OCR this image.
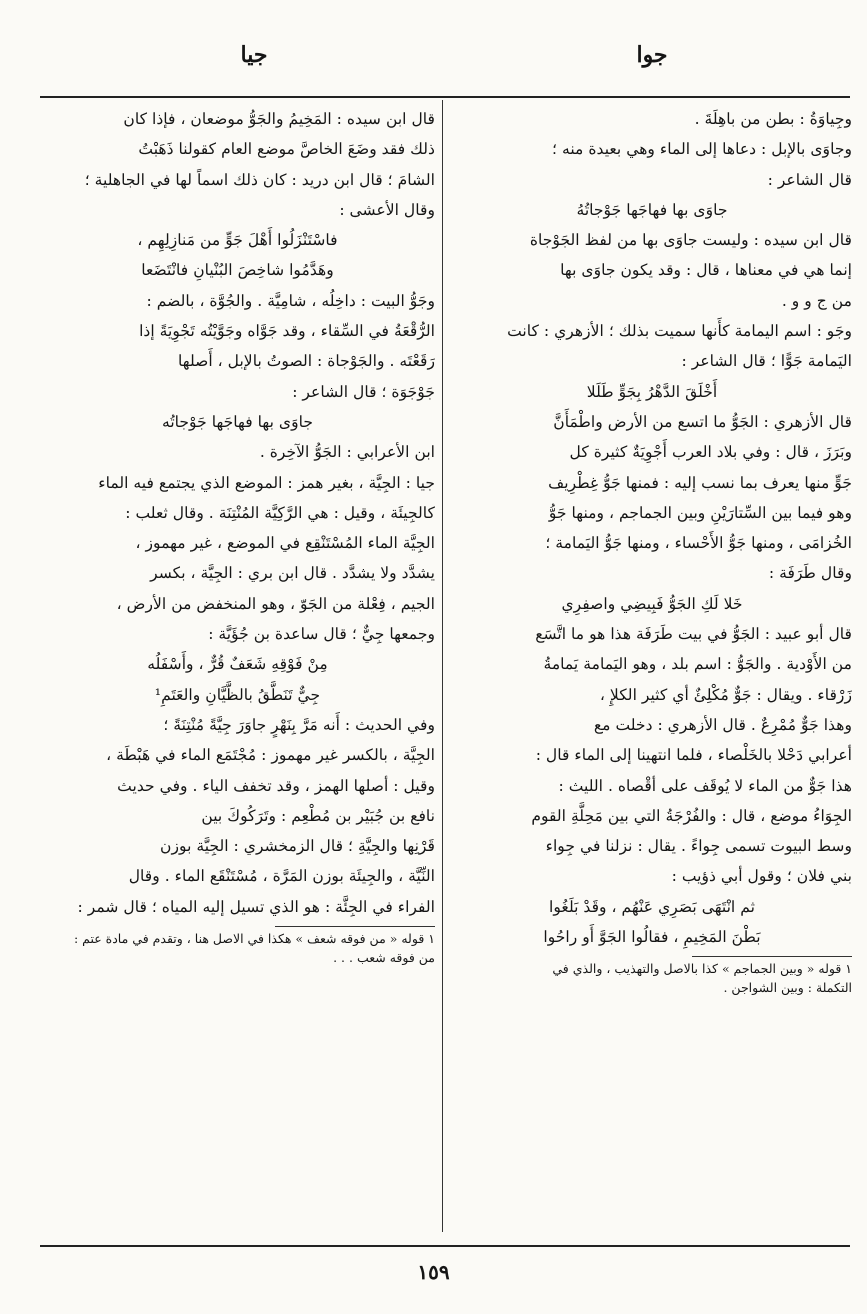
جوا
جيا

وجِياوَةُ : بطن من باهِلَةَ .

وجاوَى بالإبل : دعاها إلى الماء وهي بعيدة منه ؛

قال الشاعر :

جاوَى بها فهاجَها جَوْجاتُهُ

قال ابن سيده : وليست جاوَى بها من لفظ الجَوْجاة

إنما هي في معناها ، قال : وقد يكون جاوَى بها

من ج و و .

وجَو : اسم اليمامة كأَنها سميت بذلك ؛ الأزهري : كانت

اليَمامة جَوًّا ؛ قال الشاعر :

أَخْلَقَ الدَّهْرُ بِجَوٍّ طَلَلا

قال الأزهري : الجَوُّ ما اتسع من الأرض واطْمَأَنَّ

وبَرَزَ ، قال : وفي بلاد العرب أَجْوِيَةٌ كثيرة كل

جَوٍّ منها يعرف بما نسب إليه : فمنها جَوُّ غِطْرِيف

وهو فيما بين السِّتارَيْنِ وبين الجماجم ، ومنها جَوُّ

الخُزامَى ، ومنها جَوُّ الأَحْساء ، ومنها جَوُّ اليَمامة ؛

وقال طَرَفَة :

خَلا لَكِ الجَوُّ فَبِيضِي واصفِرِي

قال أبو عبيد : الجَوُّ في بيت طَرَفَة هذا هو ما اتَّسَع

من الأَوْدية . والجَوُّ : اسم بلد ، وهو اليَمامة يَمامةُ

زَرْقاء . ويقال : جَوٌّ مُكْلِئٌ أي كثير الكلإِ ،

وهذا جَوٌّ مُمْرِعٌ . قال الأزهري : دخلت مع

أعرابي دَحْلا بالخَلْصاء ، فلما انتهينا إلى الماء قال :

هذا جَوٌّ من الماء لا يُوقَف على أقْصاه . الليث :

الجِوَاءُ موضع ، قال : والفُرْجَةُ التي بين مَحِلَّةِ القوم

وسط البيوت تسمى جِواءً . يقال : نزلنا في جِواء

بني فلان ؛ وقول أبي ذؤيب :

ثم انْتَهَى بَصَرِي عَنْهُم ، وقَدْ بَلَغُوا

بَطْنَ المَخِيمِ ، فقالُوا الجَوَّ أَو راحُوا

١ قوله « وبين الجماجم » كذا بالاصل والتهذيب ، والذي في

التكملة : وبين الشواجن .

قال ابن سيده : المَخِيمُ والجَوُّ موضعان ، فإذا كان

ذلك فقد وضَعَ الخاصَّ موضع العام كقولنا ذَهَبْتُ

الشامَ ؛ قال ابن دريد : كان ذلك اسماً لها في الجاهلية ؛

وقال الأعشى :

فاسْتَنْزَلُوا أَهْلَ جَوٍّ من مَنازِلِهِم ،

وهَدَّمُوا شاخِصَ البُنْيانِ فانْتَضَعا

وجَوُّ البيت : داخِلُه ، شامِيَّة . والجُوَّة ، بالضم :

الرُّقْعَةُ في السِّقاء ، وقد جَوَّاه وجَوَّيْتُه تَجْوِيَةً إذا

رَقَعْتَه . والجَوْجاة : الصوتُ بالإبل ، أَصلها

جَوْجَوَة ؛ قال الشاعر :

جاوَى بها فهاجَها جَوْجاتُه

ابن الأعرابي : الجَوُّ الآخِرة .

جيا : الجِيَّة ، بغير همز : الموضع الذي يجتمع فيه الماء

كالجِيئَة ، وقيل : هي الرَّكِيَّة المُنْتِنَة . وقال ثعلب :

الجِيَّة الماء المُسْتَنْقِع في الموضع ، غير مهموز ،

يشدَّد ولا يشدَّد . قال ابن بري : الجِيَّة ، بكسر

الجيم ، فِعْلة من الجَوّ ، وهو المنخفض من الأرض ،

وجمعها جِيٌّ ؛ قال ساعدة بن جُؤَيَّة :

مِنْ فَوْقِهِ شَعَفٌ قُرٌّ ، وأَسْفَلُه

جِيٌّ تَنَطَّقُ بالظَّيَّانِ والعَتَمِ¹

وفي الحديث : أَنه مَرَّ بِنَهْرٍ جاوَرَ جِيَّةً مُنْتِنَةً ؛

الجِيَّة ، بالكسر غير مهموز : مُجْتَمَع الماء في هَبْطَة ،

وقيل : أصلها الهمز ، وقد تخفف الياء . وفي حديث

نافع بن جُبَيْر بن مُطْعِم : وتَرَكُوكَ بين

قَرْنِها والجِيَّةِ ؛ قال الزمخشري : الجِيَّة بوزن

النِّيَّة ، والجِيئَة بوزن المَرَّة ، مُسْتَنْقَع الماء . وقال

الفراء في الجِئَّة : هو الذي تسيل إليه المياه ؛ قال شمر :

١ قوله « من فوقه شعف » هكذا في الاصل هنا ، وتقدم في مادة عتم :

من فوقه شعب . . .

١٥٩
